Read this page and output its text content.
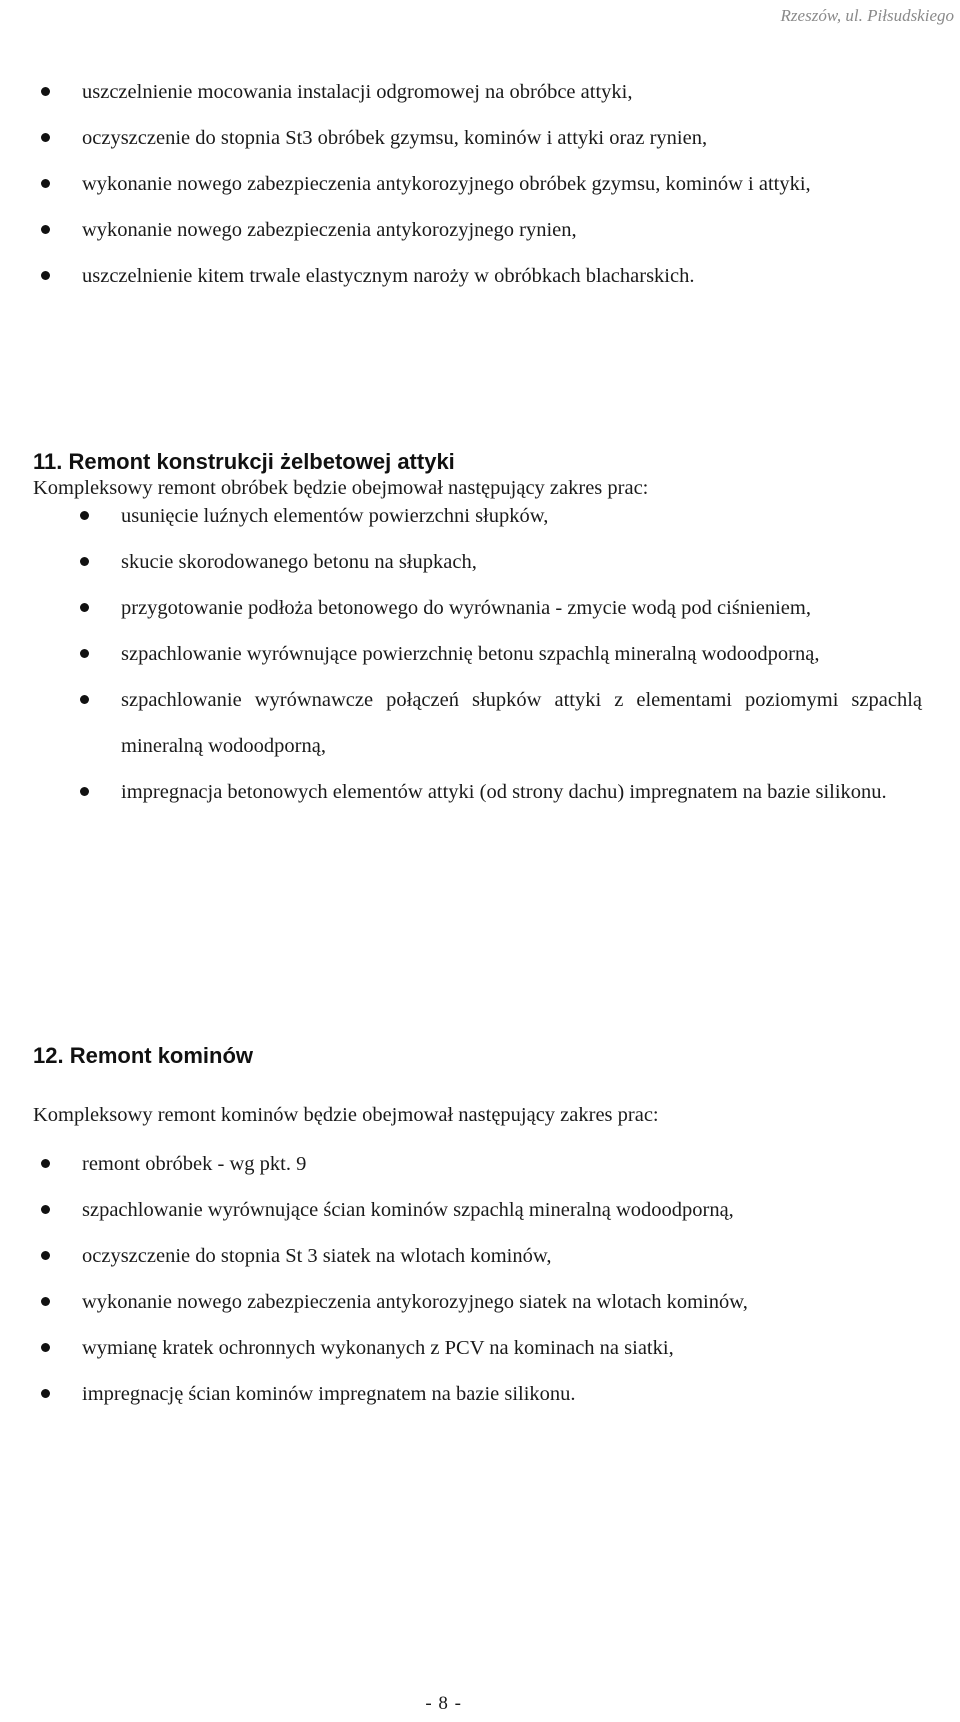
Rzeszów, ul. Piłsudskiego
uszczelnienie mocowania instalacji odgromowej na obróbce attyki,
oczyszczenie do stopnia St3 obróbek gzymsu, kominów i attyki oraz rynien,
wykonanie nowego zabezpieczenia antykorozyjnego obróbek gzymsu, kominów i attyki,
wykonanie nowego zabezpieczenia antykorozyjnego rynien,
uszczelnienie kitem trwale elastycznym naroży w obróbkach blacharskich.
11. Remont konstrukcji żelbetowej attyki
Kompleksowy remont obróbek będzie obejmował następujący zakres prac:
usunięcie luźnych elementów powierzchni słupków,
skucie skorodowanego betonu na słupkach,
przygotowanie podłoża betonowego do wyrównania - zmycie wodą pod ciśnieniem,
szpachlowanie wyrównujące powierzchnię betonu szpachlą mineralną wodoodporną,
szpachlowanie wyrównawcze połączeń słupków attyki z elementami poziomymi szpachlą mineralną wodoodporną,
impregnacja betonowych elementów attyki (od strony dachu) impregnatem na bazie silikonu.
12. Remont kominów
Kompleksowy remont kominów będzie obejmował następujący zakres prac:
remont obróbek - wg pkt. 9
szpachlowanie wyrównujące ścian kominów szpachlą mineralną wodoodporną,
oczyszczenie do stopnia St 3 siatek na wlotach kominów,
wykonanie nowego zabezpieczenia antykorozyjnego siatek na wlotach kominów,
wymianę kratek ochronnych wykonanych z PCV na kominach na siatki,
impregnację ścian kominów impregnatem na bazie silikonu.
- 8 -
